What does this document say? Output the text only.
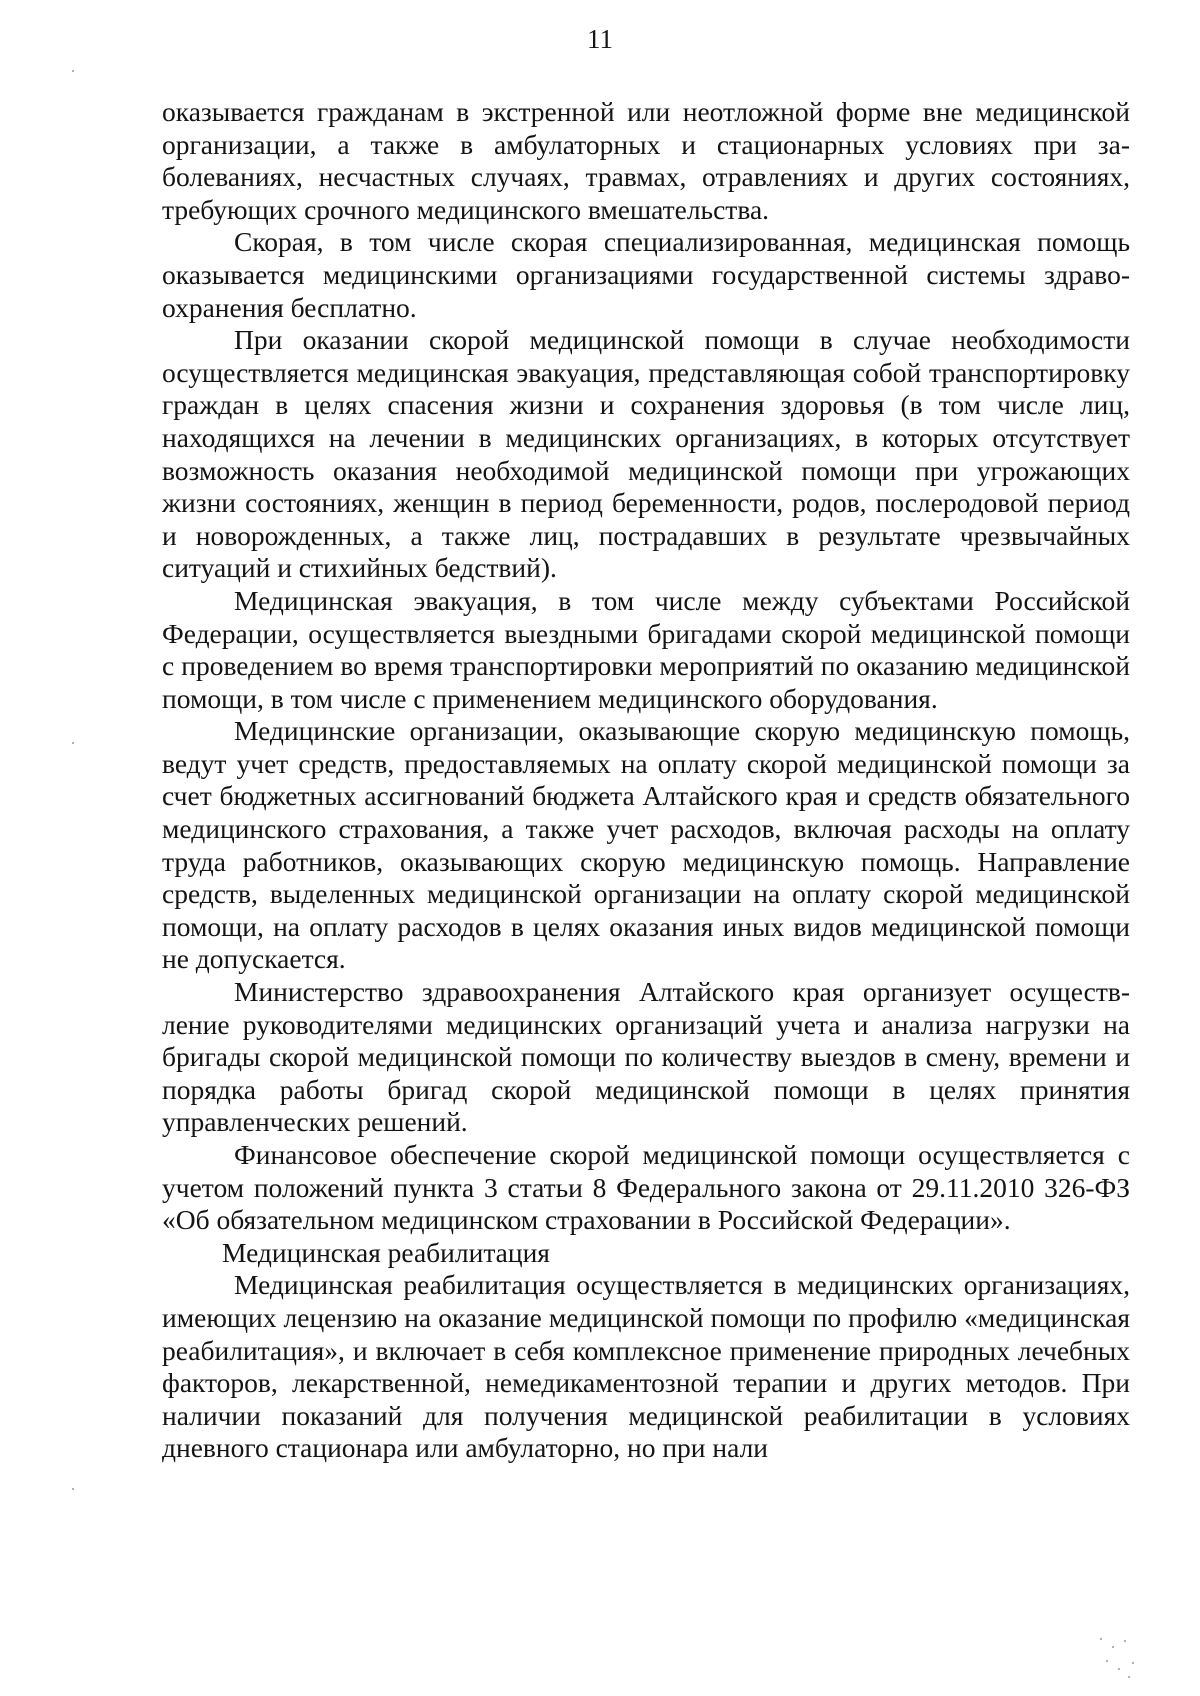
11

оказывается гражданам в экстренной или неотложной форме вне медицинской организации, а также в амбулаторных и стационарных условиях при заболеваниях, несчастных случаях, травмах, отравлениях и других состояниях, требующих срочного медицинского вмешательства.

Скорая, в том числе скорая специализированная, медицинская помощь оказывается медицинскими организациями государственной системы здравоохранения бесплатно.

При оказании скорой медицинской помощи в случае необходимости осуществляется медицинская эвакуация, представляющая собой транспортировку граждан в целях спасения жизни и сохранения здоровья (в том числе лиц, находящихся на лечении в медицинских организациях, в которых отсутствует возможность оказания необходимой медицинской помощи при угрожающих жизни состояниях, женщин в период беременности, родов, послеродовой период и новорожденных, а также лиц, пострадавших в результате чрезвычайных ситуаций и стихийных бедствий).

Медицинская эвакуация, в том числе между субъектами Российской Федерации, осуществляется выездными бригадами скорой медицинской помощи с проведением во время транспортировки мероприятий по оказанию медицинской помощи, в том числе с применением медицинского оборудования.

Медицинские организации, оказывающие скорую медицинскую помощь, ведут учет средств, предоставляемых на оплату скорой медицинской помощи за счет бюджетных ассигнований бюджета Алтайского края и средств обязательного медицинского страхования, а также учет расходов, включая расходы на оплату труда работников, оказывающих скорую медицинскую помощь. Направление средств, выделенных медицинской организации на оплату скорой медицинской помощи, на оплату расходов в целях оказания иных видов медицинской помощи не допускается.

Министерство здравоохранения Алтайского края организует осуществление руководителями медицинских организаций учета и анализа нагрузки на бригады скорой медицинской помощи по количеству выездов в смену, времени и порядка работы бригад скорой медицинской помощи в целях принятия управленческих решений.

Финансовое обеспечение скорой медицинской помощи осуществляется с учетом положений пункта 3 статьи 8 Федерального закона от 29.11.2010 326-ФЗ «Об обязательном медицинском страховании в Российской Федерации».

Медицинская реабилитация

Медицинская реабилитация осуществляется в медицинских организациях, имеющих лецензию на оказание медицинской помощи по профилю «медицинская реабилитация», и включает в себя комплексное применение природных лечебных факторов, лекарственной, немедикаментозной терапии и других методов. При наличии показаний для получения медицинской реабилитации в условиях дневного стационара или амбулаторно, но при нали
